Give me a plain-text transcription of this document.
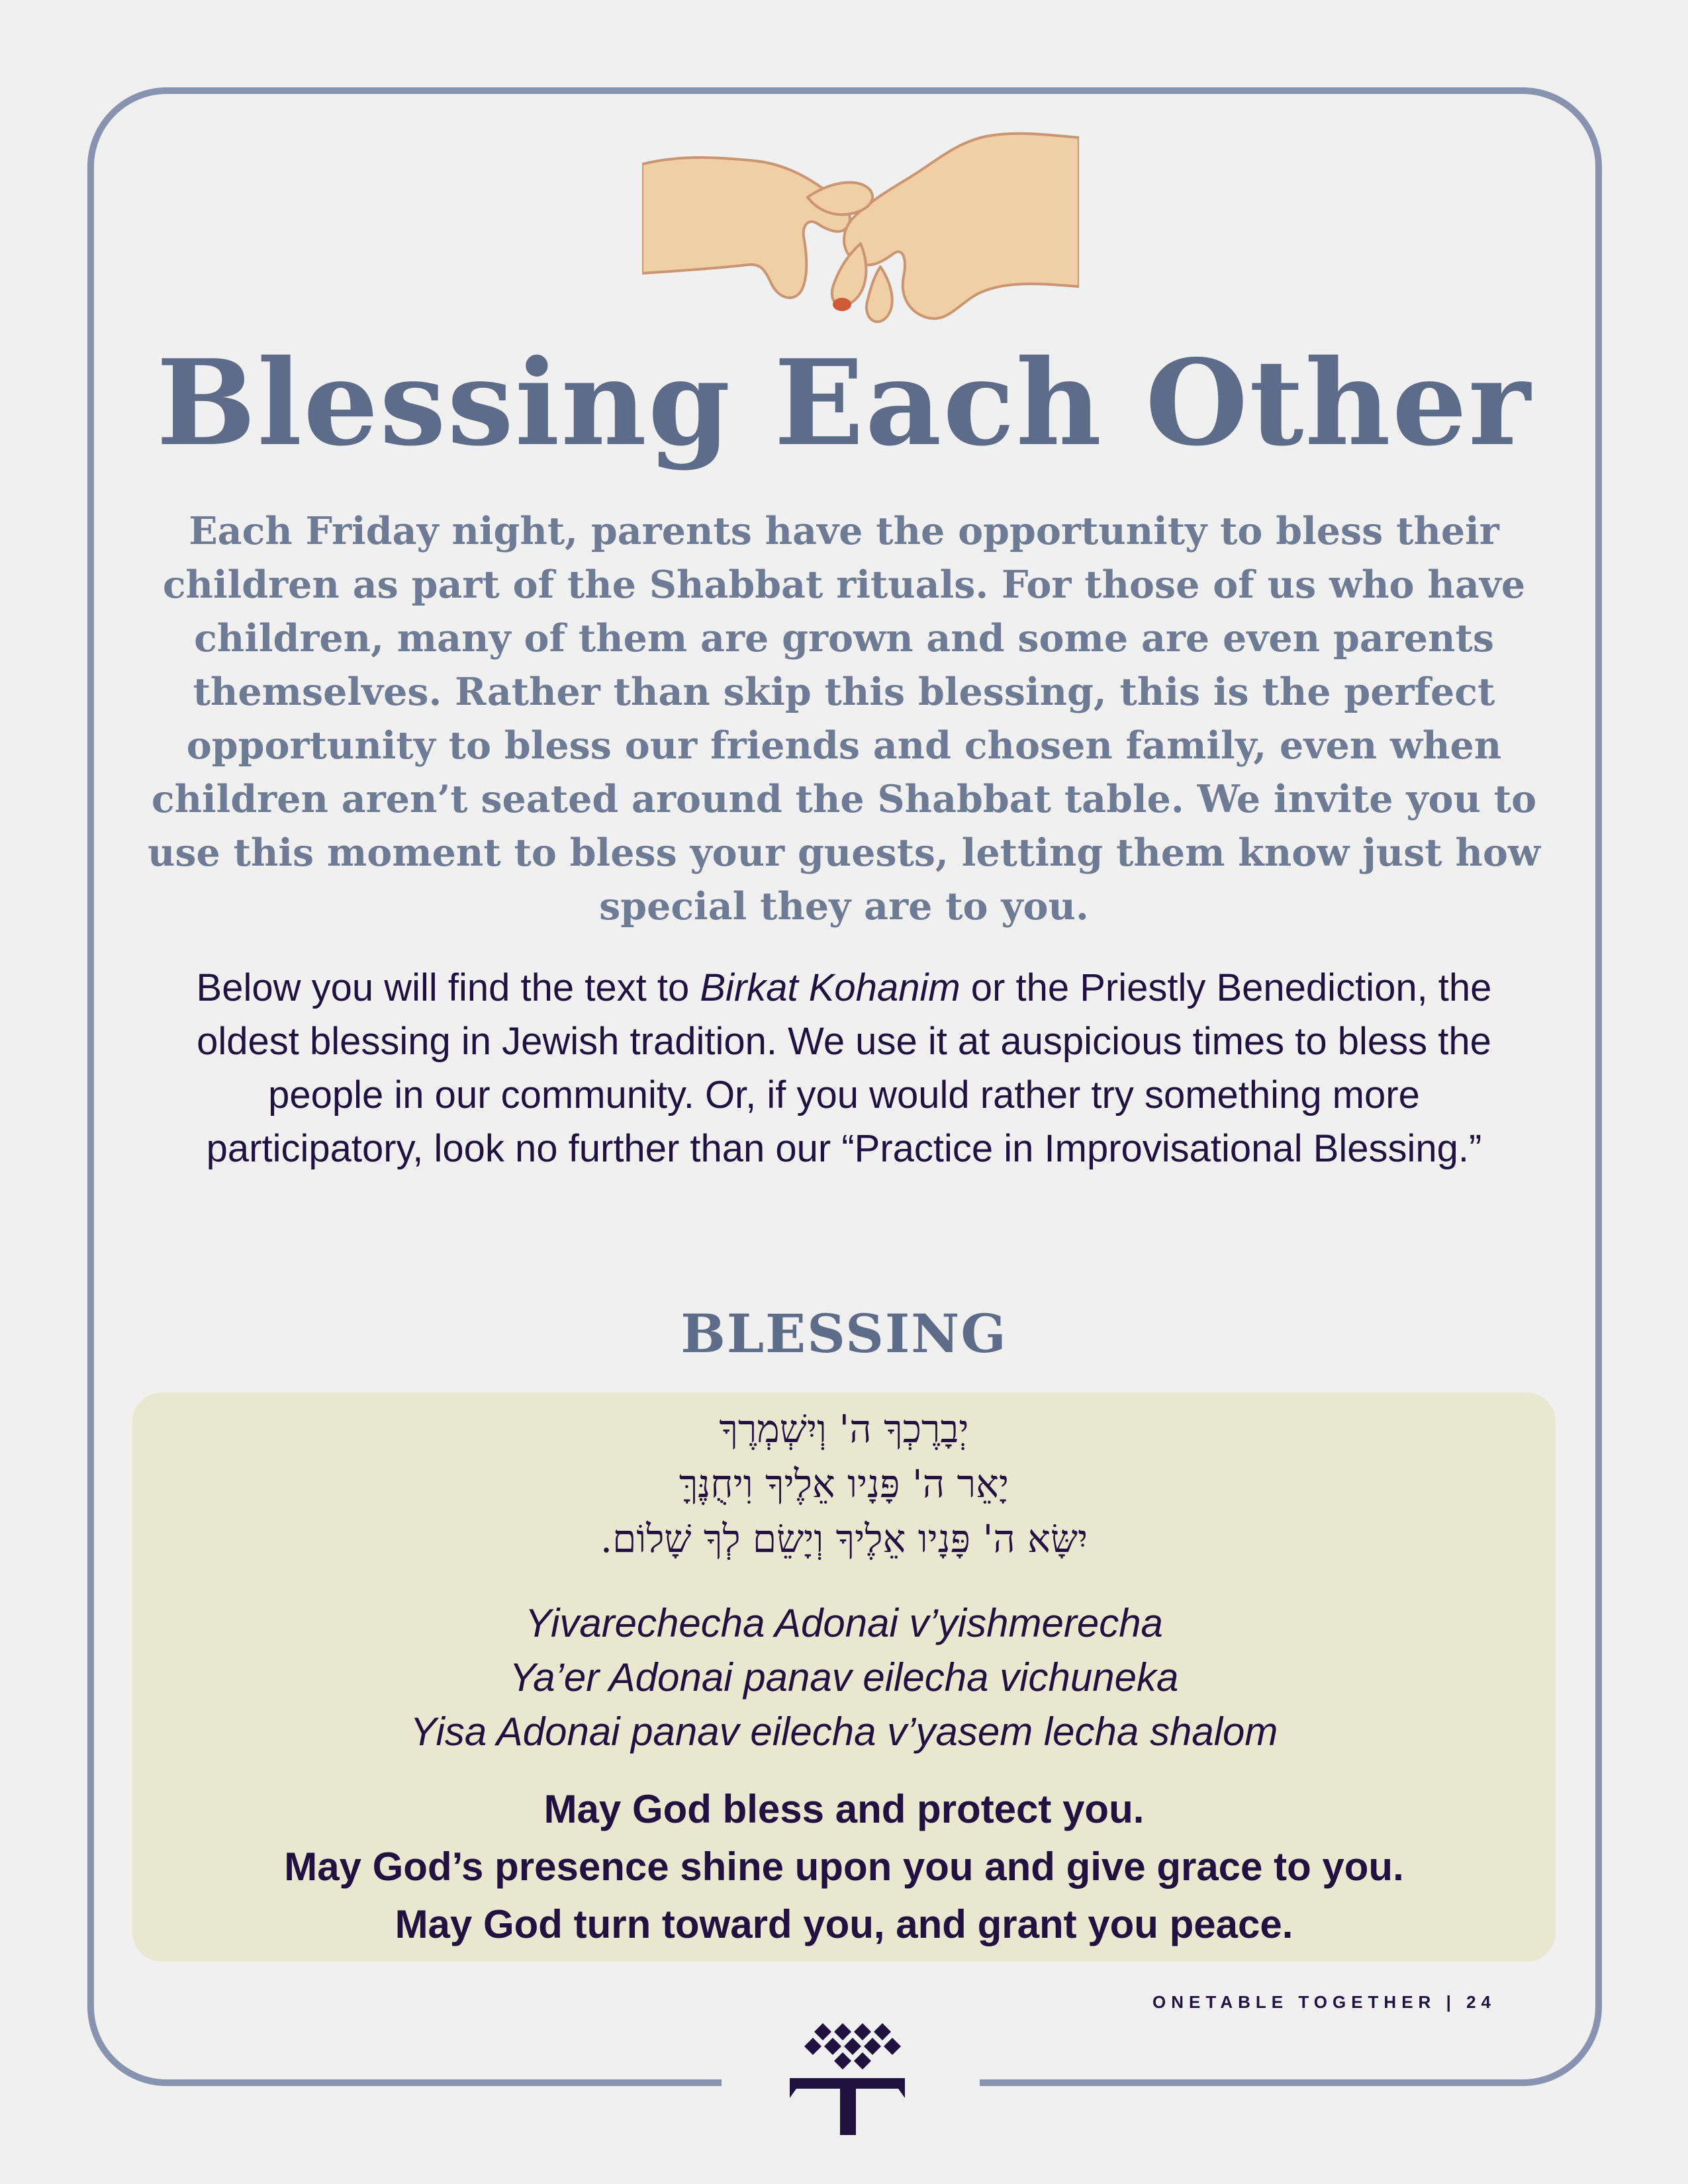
Blessing Each Other

Each Friday night, parents have the opportunity to bless their children as part of the Shabbat rituals. For those of us who have children, many of them are grown and some are even parents themselves. Rather than skip this blessing, this is the perfect opportunity to bless our friends and chosen family, even when children aren’t seated around the Shabbat table. We invite you to use this moment to bless your guests, letting them know just how special they are to you.

Below you will find the text to Birkat Kohanim or the Priestly Benediction, the oldest blessing in Jewish tradition. We use it at auspicious times to bless the people in our community. Or, if you would rather try something more participatory, look no further than our “Practice in Improvisational Blessing.”

BLESSING
יְבָרֶכְךָ ה' וְיִשְׁמְרֶךָ
יָאֵר ה' פָּנָיו אֵלֶיךָ וִיחֻנֶּךָּ
יִשָּׂא ה' פָּנָיו אֵלֶיךָ וְיָשֵׂם לְךָ שָׁלוֹם.
Yivarechecha Adonai v’yishmerecha
Ya’er Adonai panav eilecha vichuneka
Yisa Adonai panav eilecha v’yasem lecha shalom
May God bless and protect you.
May God’s presence shine upon you and give grace to you.
May God turn toward you, and grant you peace.
ONETABLE TOGETHER | 24
